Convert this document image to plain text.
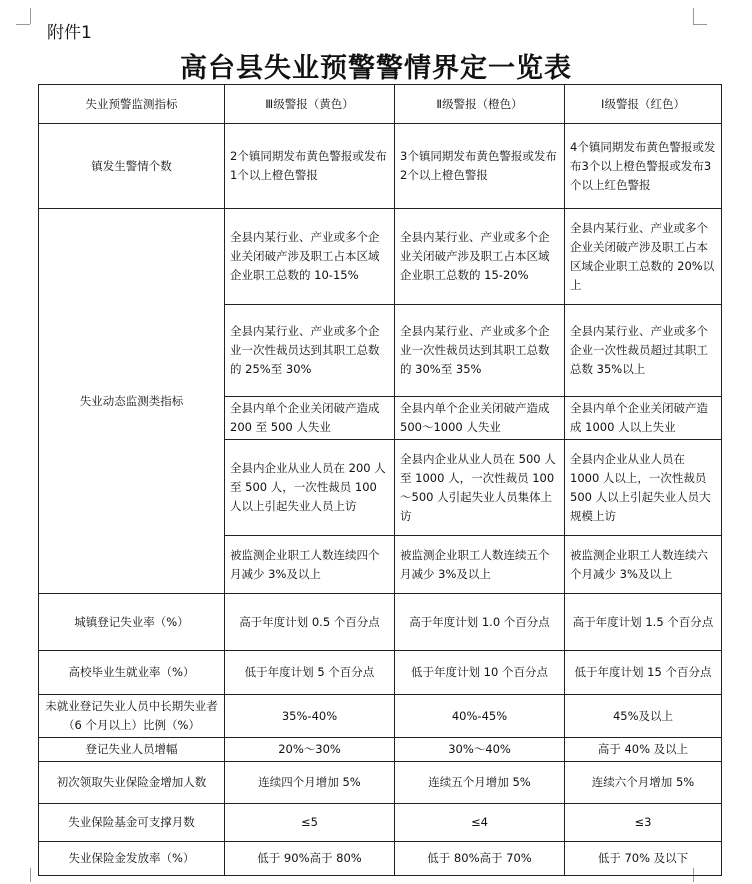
附件1
高台县失业预警警情界定一览表
失业预警监测指标	Ⅲ级警报（黄色）	Ⅱ级警报（橙色）	Ⅰ级警报（红色）
镇发生警情个数	2个镇同期发布黄色警报或发布1个以上橙色警报	3个镇同期发布黄色警报或发布2个以上橙色警报	4个镇同期发布黄色警报或发布3个以上橙色警报或发布3个以上红色警报
失业动态监测类指标	全县内某行业、产业或多个企业关闭破产涉及职工占本区域企业职工总数的 10-15%	全县内某行业、产业或多个企业关闭破产涉及职工占本区域企业职工总数的 15-20%	全县内某行业、产业或多个企业关闭破产涉及职工占本区域企业职工总数的 20%以上
	全县内某行业、产业或多个企业一次性裁员达到其职工总数的 25%至 30%	全县内某行业、产业或多个企业一次性裁员达到其职工总数的 30%至 35%	全县内某行业、产业或多个企业一次性裁员超过其职工总数 35%以上
	全县内单个企业关闭破产造成 200 至 500 人失业	全县内单个企业关闭破产造成 500～1000 人失业	全县内单个企业关闭破产造成 1000 人以上失业
	全县内企业从业人员在 200 人至 500 人，一次性裁员 100 人以上引起失业人员上访	全县内企业从业人员在 500 人至 1000 人，一次性裁员 100～500 人引起失业人员集体上访	全县内企业从业人员在 1000 人以上，一次性裁员 500 人以上引起失业人员大规模上访
	被监测企业职工人数连续四个月减少 3%及以上	被监测企业职工人数连续五个月减少 3%及以上	被监测企业职工人数连续六个月减少 3%及以上
城镇登记失业率（%）	高于年度计划 0.5 个百分点	高于年度计划 1.0 个百分点	高于年度计划 1.5 个百分点
高校毕业生就业率（%）	低于年度计划 5 个百分点	低于年度计划 10 个百分点	低于年度计划 15 个百分点
未就业登记失业人员中长期失业者（6 个月以上）比例（%）	35%-40%	40%-45%	45%及以上
登记失业人员增幅	20%～30%	30%～40%	高于 40% 及以上
初次领取失业保险金增加人数	连续四个月增加 5%	连续五个月增加 5%	连续六个月增加 5%
失业保险基金可支撑月数	≤5	≤4	≤3
失业保险金发放率（%）	低于 90%高于 80%	低于 80%高于 70%	低于 70% 及以下
